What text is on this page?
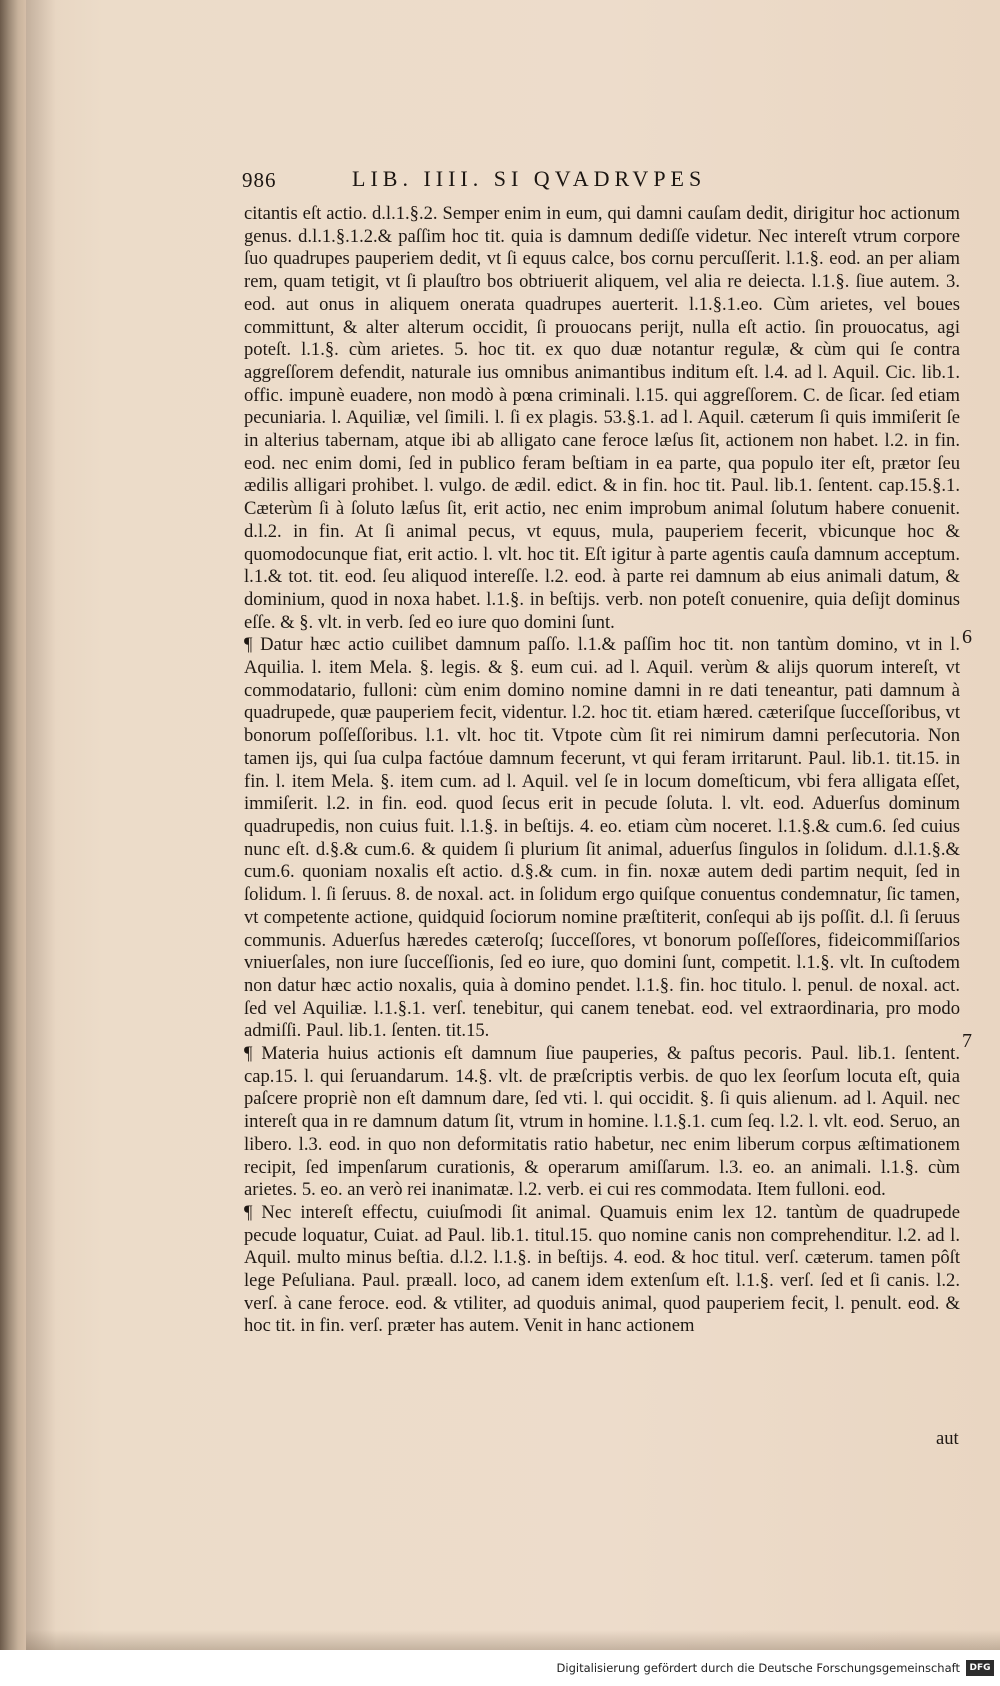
986	LIB. IIII. SI QVADRVPES

citantis eſt actio. d.l.1.§.2. Semper enim in eum, qui damni cauſam dedit, dirigitur hoc actionum genus. d.l.1.§.1.2.& paſſim hoc tit. quia is damnum dediſſe videtur. Nec intereſt vtrum corpore ſuo quadrupes pauperiem dedit, vt ſi equus calce, bos cornu percuſſerit. l.1.§. eod. an per aliam rem, quam tetigit, vt ſi plauſtro bos obtriuerit aliquem, vel alia re deiecta. l.1.§. ſiue autem. 3. eod. aut onus in aliquem onerata quadrupes auerterit. l.1.§.1.eo. Cùm arietes, vel boues committunt, & alter alterum occidit, ſi prouocans perijt, nulla eſt actio. ſin prouocatus, agi poteſt. l.1.§. cùm arietes. 5. hoc tit. ex quo duæ notantur regulæ, & cùm qui ſe contra aggreſſorem defendit, naturale ius omnibus animantibus inditum eſt. l.4. ad l. Aquil. Cic. lib.1. offic. impunè euadere, non modò à pœna criminali. l.15. qui aggreſſorem. C. de ſicar. ſed etiam pecuniaria. l. Aquiliæ, vel ſimili. l. ſi ex plagis. 53.§.1. ad l. Aquil. cæterum ſi quis immiſerit ſe in alterius tabernam, atque ibi ab alligato cane feroce læſus ſit, actionem non habet. l.2. in fin. eod. nec enim domi, ſed in publico feram beſtiam in ea parte, qua populo iter eſt, prætor ſeu ædilis alligari prohibet. l. vulgo. de ædil. edict. & in fin. hoc tit. Paul. lib.1. ſentent. cap.15.§.1. Cæterùm ſi à ſoluto læſus ſit, erit actio, nec enim improbum animal ſolutum habere conuenit. d.l.2. in fin. At ſi animal pecus, vt equus, mula, pauperiem fecerit, vbicunque hoc & quomodocunque fiat, erit actio. l. vlt. hoc tit. Eſt igitur à parte agentis cauſa damnum acceptum. l.1.& tot. tit. eod. ſeu aliquod intereſſe. l.2. eod. à parte rei damnum ab eius animali datum, & dominium, quod in noxa habet. l.1.§. in beſtijs. verb. non poteſt conuenire, quia deſijt dominus eſſe. & §. vlt. in verb. ſed eo iure quo domini ſunt.

¶ Datur hæc actio cuilibet damnum paſſo. l.1.& paſſim hoc tit. non tantùm domino, vt in l. Aquilia. l. item Mela. §. legis. & §. eum cui. ad l. Aquil. verùm & alijs quorum intereſt, vt commodatario, fulloni: cùm enim domino nomine damni in re dati teneantur, pati damnum à quadrupede, quæ pauperiem fecit, videntur. l.2. hoc tit. etiam hæred. cæteriſque ſucceſſoribus, vt bonorum poſſeſſoribus. l.1. vlt. hoc tit. Vtpote cùm ſit rei nimirum damni perſecutoria. Non tamen ijs, qui ſua culpa factóue damnum fecerunt, vt qui feram irritarunt. Paul. lib.1. tit.15. in fin. l. item Mela. §. item cum. ad l. Aquil. vel ſe in locum domeſticum, vbi fera alligata eſſet, immiſerit. l.2. in fin. eod. quod ſecus erit in pecude ſoluta. l. vlt. eod. Aduerſus dominum quadrupedis, non cuius fuit. l.1.§. in beſtijs. 4. eo. etiam cùm noceret. l.1.§.& cum.6. ſed cuius nunc eſt. d.§.& cum.6. & quidem ſi plurium ſit animal, aduerſus ſingulos in ſolidum. d.l.1.§.& cum.6. quoniam noxalis eſt actio. d.§.& cum. in fin. noxæ autem dedi partim nequit, ſed in ſolidum. l. ſi ſeruus. 8. de noxal. act. in ſolidum ergo quiſque conuentus condemnatur, ſic tamen, vt competente actione, quidquid ſociorum nomine præſtiterit, conſequi ab ijs poſſit. d.l. ſi ſeruus communis. Aduerſus hæredes cæteroſq; ſucceſſores, vt bonorum poſſeſſores, fideicommiſſarios vniuerſales, non iure ſucceſſionis, ſed eo iure, quo domini ſunt, competit. l.1.§. vlt. In cuſtodem non datur hæc actio noxalis, quia à domino pendet. l.1.§. fin. hoc titulo. l. penul. de noxal. act. ſed vel Aquiliæ. l.1.§.1. verſ. tenebitur, qui canem tenebat. eod. vel extraordinaria, pro modo admiſſi. Paul. lib.1. ſenten. tit.15.

¶ Materia huius actionis eſt damnum ſiue pauperies, & paſtus pecoris. Paul. lib.1. ſentent. cap.15. l. qui ſeruandarum. 14.§. vlt. de præſcriptis verbis. de quo lex ſeorſum locuta eſt, quia paſcere propriè non eſt damnum dare, ſed vti. l. qui occidit. §. ſi quis alienum. ad l. Aquil. nec intereſt qua in re damnum datum ſit, vtrum in homine. l.1.§.1. cum ſeq. l.2. l. vlt. eod. Seruo, an libero. l.3. eod. in quo non deformitatis ratio habetur, nec enim liberum corpus æſtimationem recipit, ſed impenſarum curationis, & operarum amiſſarum. l.3. eo. an animali. l.1.§. cùm arietes. 5. eo. an verò rei inanimatæ. l.2. verb. ei cui res commodata. Item fulloni. eod.

¶ Nec intereſt effectu, cuiuſmodi ſit animal. Quamuis enim lex 12. tantùm de quadrupede pecude loquatur, Cuiat. ad Paul. lib.1. titul.15. quo nomine canis non comprehenditur. l.2. ad l. Aquil. multo minus beſtia. d.l.2. l.1.§. in beſtijs. 4. eod. & hoc titul. verſ. cæterum. tamen pôſt lege Peſuliana. Paul. præall. loco, ad canem idem extenſum eſt. l.1.§. verſ. ſed et ſi canis. l.2. verſ. à cane feroce. eod. & vtiliter, ad quoduis animal, quod pauperiem fecit, l. penult. eod. & hoc tit. in fin. verſ. præter has autem. Venit in hanc actionem

6
7
aut
Digitalisierung gefördert durch die Deutsche Forschungsgemeinschaft	DFG
